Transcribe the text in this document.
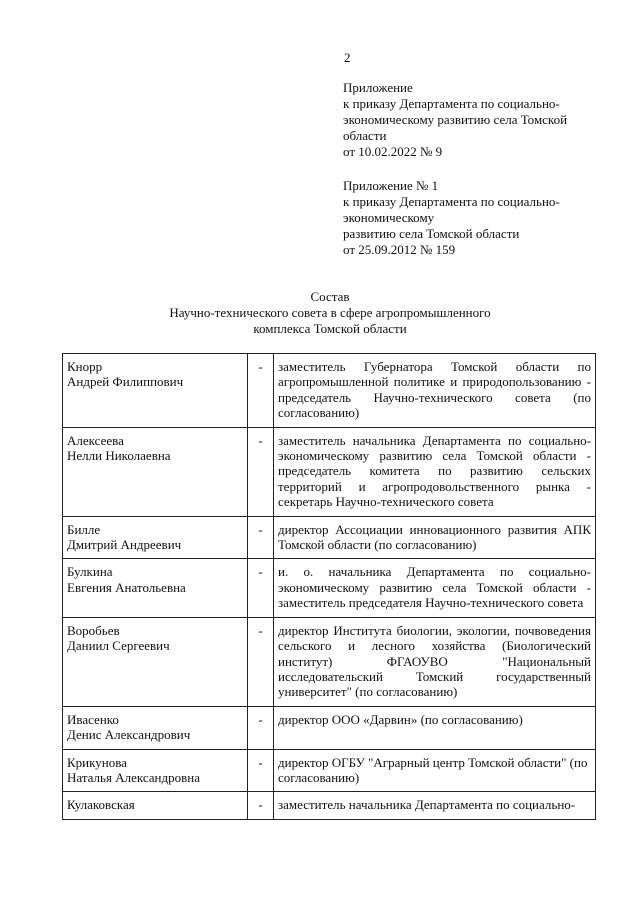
2
Приложение
к приказу Департамента по социально-
экономическому развитию села Томской
области
от 10.02.2022 № 9
Приложение № 1
к приказу Департамента по социально-
экономическому
развитию села Томской области
от 25.09.2012 № 159
Состав
Научно-технического совета в сфере агропромышленного
комплекса Томской области
Кнорр
Андрей Филиппович	-	заместитель Губернатора Томской области по агропромышленной политике и природопользованию - председатель Научно-технического совета (по согласованию)

Алексеева
Нелли Николаевна	-	заместитель начальника Департамента по социально-экономическому развитию села Томской области - председатель комитета по развитию сельских территорий и агропродовольственного рынка - секретарь Научно-технического совета

Билле
Дмитрий Андреевич	-	директор Ассоциации инновационного развития АПК Томской области (по согласованию)

Булкина
Евгения Анатольевна	-	и. о. начальника Департамента по социально-экономическому развитию села Томской области - заместитель председателя Научно-технического совета

Воробьев
Даниил Сергеевич	-	директор Института биологии, экологии, почвоведения сельского и лесного хозяйства (Биологический институт) ФГАОУВО "Национальный исследовательский Томский государственный университет" (по согласованию)

Ивасенко
Денис Александрович	-	директор ООО «Дарвин» (по согласованию)

Крикунова
Наталья Александровна	-	директор ОГБУ "Аграрный центр Томской области" (по согласованию)

Кулаковская	-	заместитель начальника Департамента по социально-
